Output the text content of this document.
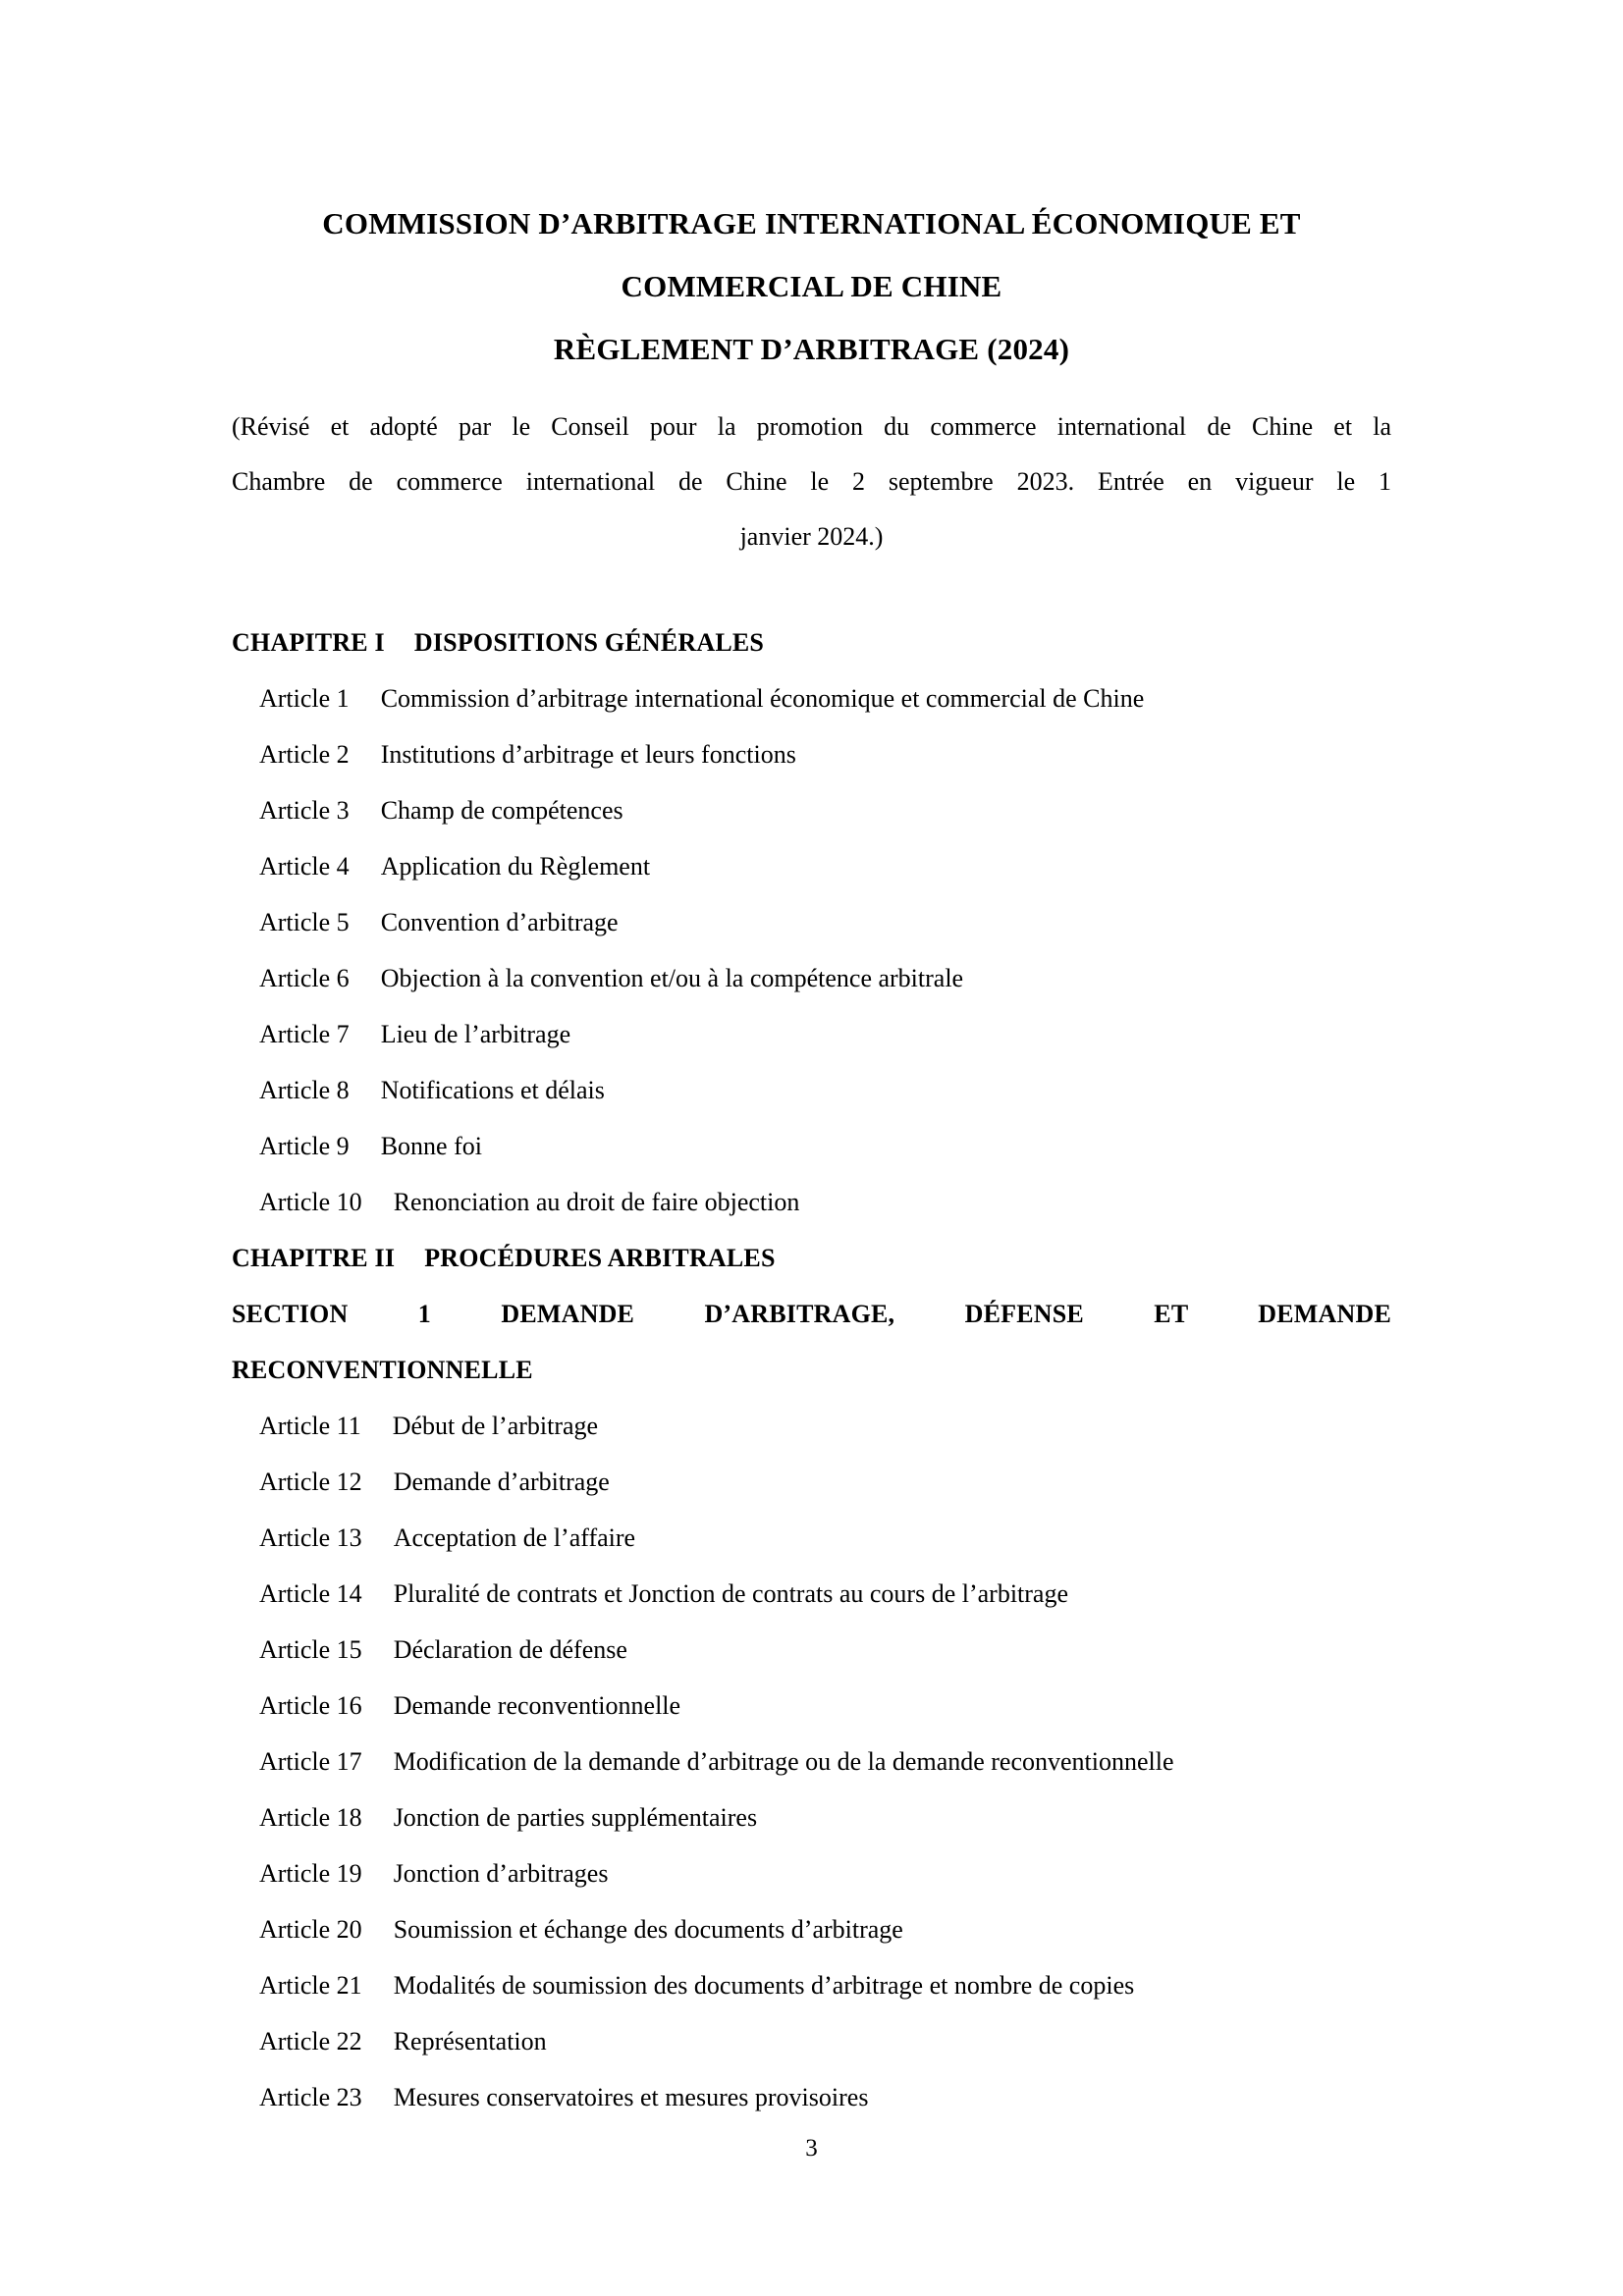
COMMISSION D’ARBITRAGE INTERNATIONAL ÉCONOMIQUE ET
COMMERCIAL DE CHINE
RÈGLEMENT D’ARBITRAGE (2024)
(Révisé et adopté par le Conseil pour la promotion du commerce international de Chine et la
Chambre de commerce international de Chine le 2 septembre 2023. Entrée en vigueur le 1
janvier 2024.)
CHAPITRE I DISPOSITIONS GÉNÉRALES
Article 1 Commission d’arbitrage international économique et commercial de Chine
Article 2 Institutions d’arbitrage et leurs fonctions
Article 3 Champ de compétences
Article 4 Application du Règlement
Article 5 Convention d’arbitrage
Article 6 Objection à la convention et/ou à la compétence arbitrale
Article 7 Lieu de l’arbitrage
Article 8 Notifications et délais
Article 9 Bonne foi
Article 10 Renonciation au droit de faire objection
CHAPITRE II PROCÉDURES ARBITRALES
SECTION 1 DEMANDE D’ARBITRAGE, DÉFENSE ET DEMANDE
RECONVENTIONNELLE
Article 11 Début de l’arbitrage
Article 12 Demande d’arbitrage
Article 13 Acceptation de l’affaire
Article 14 Pluralité de contrats et Jonction de contrats au cours de l’arbitrage
Article 15 Déclaration de défense
Article 16 Demande reconventionnelle
Article 17 Modification de la demande d’arbitrage ou de la demande reconventionnelle
Article 18 Jonction de parties supplémentaires
Article 19 Jonction d’arbitrages
Article 20 Soumission et échange des documents d’arbitrage
Article 21 Modalités de soumission des documents d’arbitrage et nombre de copies
Article 22 Représentation
Article 23 Mesures conservatoires et mesures provisoires
3
